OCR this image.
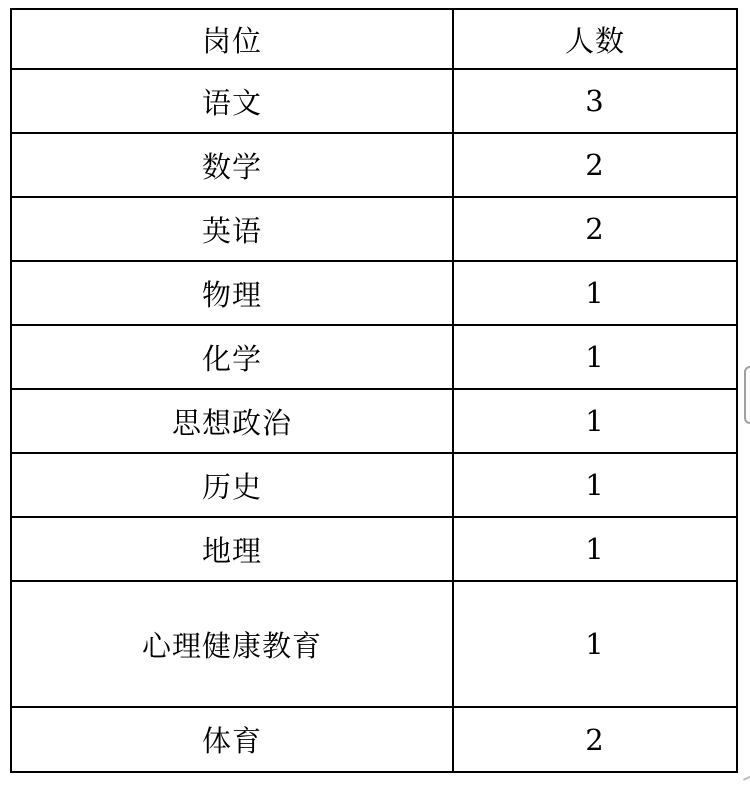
岗位	人数
语文	3
数学	2
英语	2
物理	1
化学	1
思想政治	1
历史	1
地理	1
心理健康教育	1
体育	2
